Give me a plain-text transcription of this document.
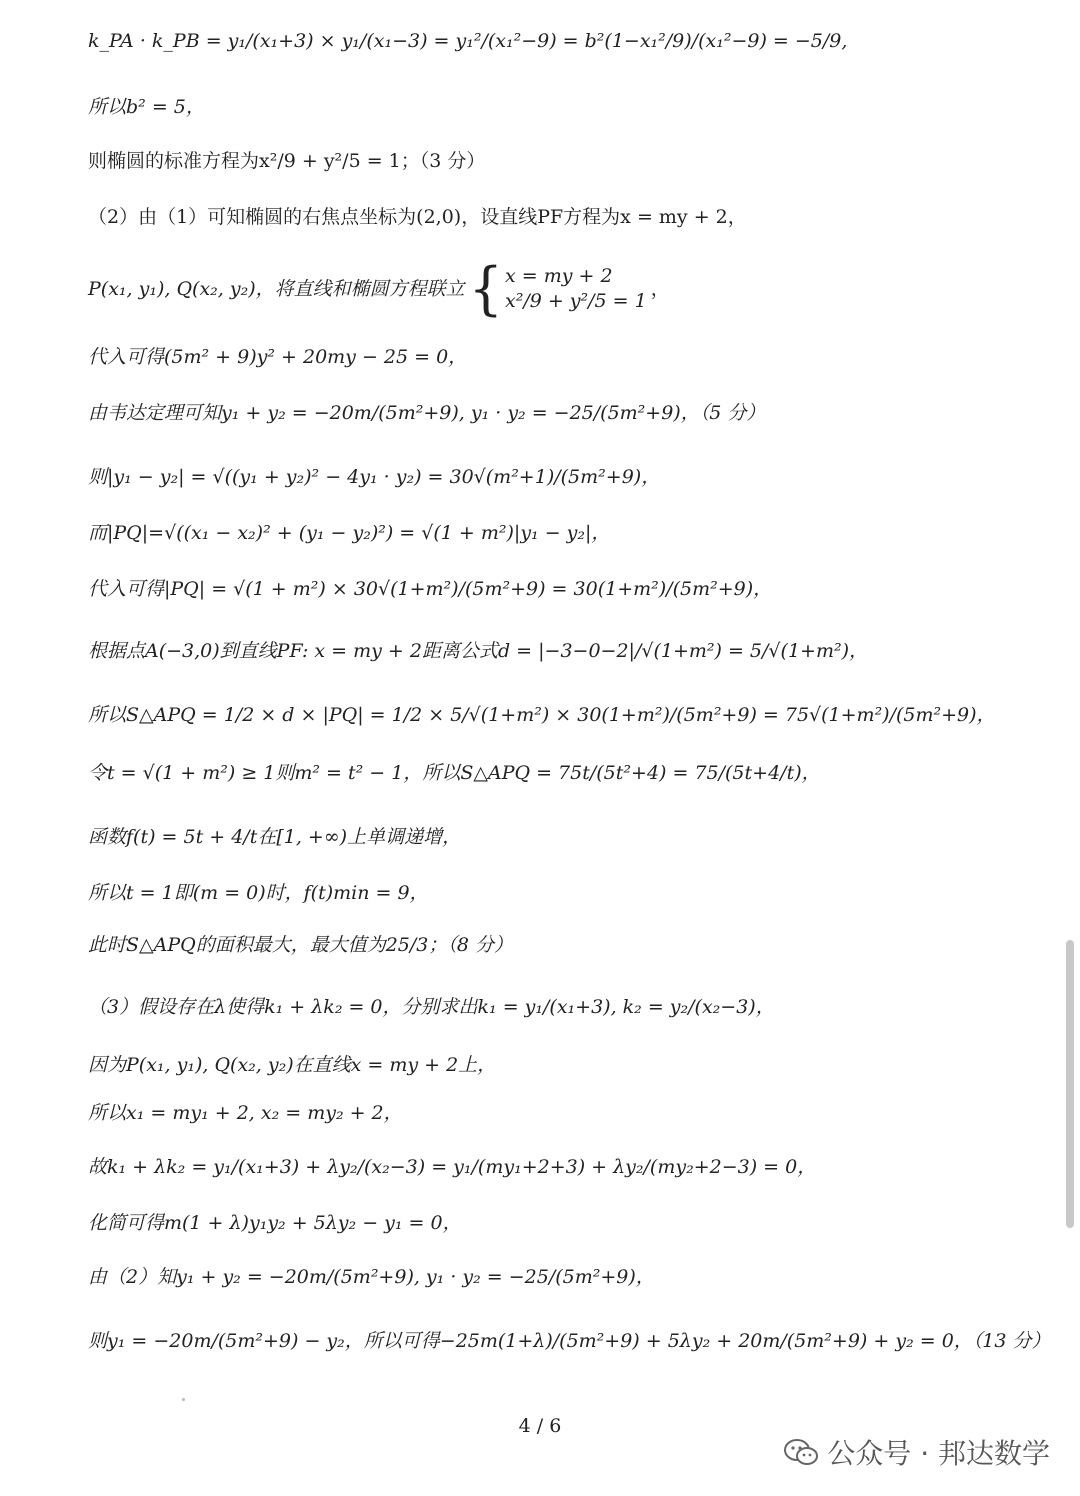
k_PA · k_PB = y₁/(x₁+3) × y₁/(x₁−3) = y₁²/(x₁²−9) = b²(1−x₁²/9)/(x₁²−9) = −5/9,
所以b² = 5，
则椭圆的标准方程为x²/9 + y²/5 = 1；（3 分）
（2）由（1）可知椭圆的右焦点坐标为(2,0)，设直线PF方程为x = my + 2，
P(x₁, y₁), Q(x₂, y₂)，将直线和椭圆方程联立 { x = my + 2
x²/9 + y²/5 = 1
，
代入可得(5m² + 9)y² + 20my − 25 = 0，
由韦达定理可知y₁ + y₂ = −20m/(5m²+9), y₁ · y₂ = −25/(5m²+9)，（5 分）
则|y₁ − y₂| = √((y₁ + y₂)² − 4y₁ · y₂) = 30√(m²+1)/(5m²+9)，
而|PQ|=√((x₁ − x₂)² + (y₁ − y₂)²) = √(1 + m²)|y₁ − y₂|，
代入可得|PQ| = √(1 + m²) × 30√(1+m²)/(5m²+9) = 30(1+m²)/(5m²+9)，
根据点A(−3,0)到直线PF: x = my + 2距离公式d = |−3−0−2|/√(1+m²) = 5/√(1+m²)，
所以S△APQ = 1/2 × d × |PQ| = 1/2 × 5/√(1+m²) × 30(1+m²)/(5m²+9) = 75√(1+m²)/(5m²+9)，
令t = √(1 + m²) ≥ 1则m² = t² − 1，所以S△APQ = 75t/(5t²+4) = 75/(5t+4/t)，
函数f(t) = 5t + 4/t在[1, +∞)上单调递增，
所以t = 1即(m = 0)时，f(t)min = 9，
此时S△APQ的面积最大，最大值为25/3；（8 分）
（3）假设存在λ使得k₁ + λk₂ = 0，分别求出k₁ = y₁/(x₁+3), k₂ = y₂/(x₂−3)，
因为P(x₁, y₁), Q(x₂, y₂)在直线x = my + 2上，
所以x₁ = my₁ + 2, x₂ = my₂ + 2，
故k₁ + λk₂ = y₁/(x₁+3) + λy₂/(x₂−3) = y₁/(my₁+2+3) + λy₂/(my₂+2−3) = 0，
化简可得m(1 + λ)y₁y₂ + 5λy₂ − y₁ = 0，
由（2）知y₁ + y₂ = −20m/(5m²+9), y₁ · y₂ = −25/(5m²+9)，
则y₁ = −20m/(5m²+9) − y₂，所以可得−25m(1+λ)/(5m²+9) + 5λy₂ + 20m/(5m²+9) + y₂ = 0，（13 分）
4 / 6
公众号 · 邦达数学
